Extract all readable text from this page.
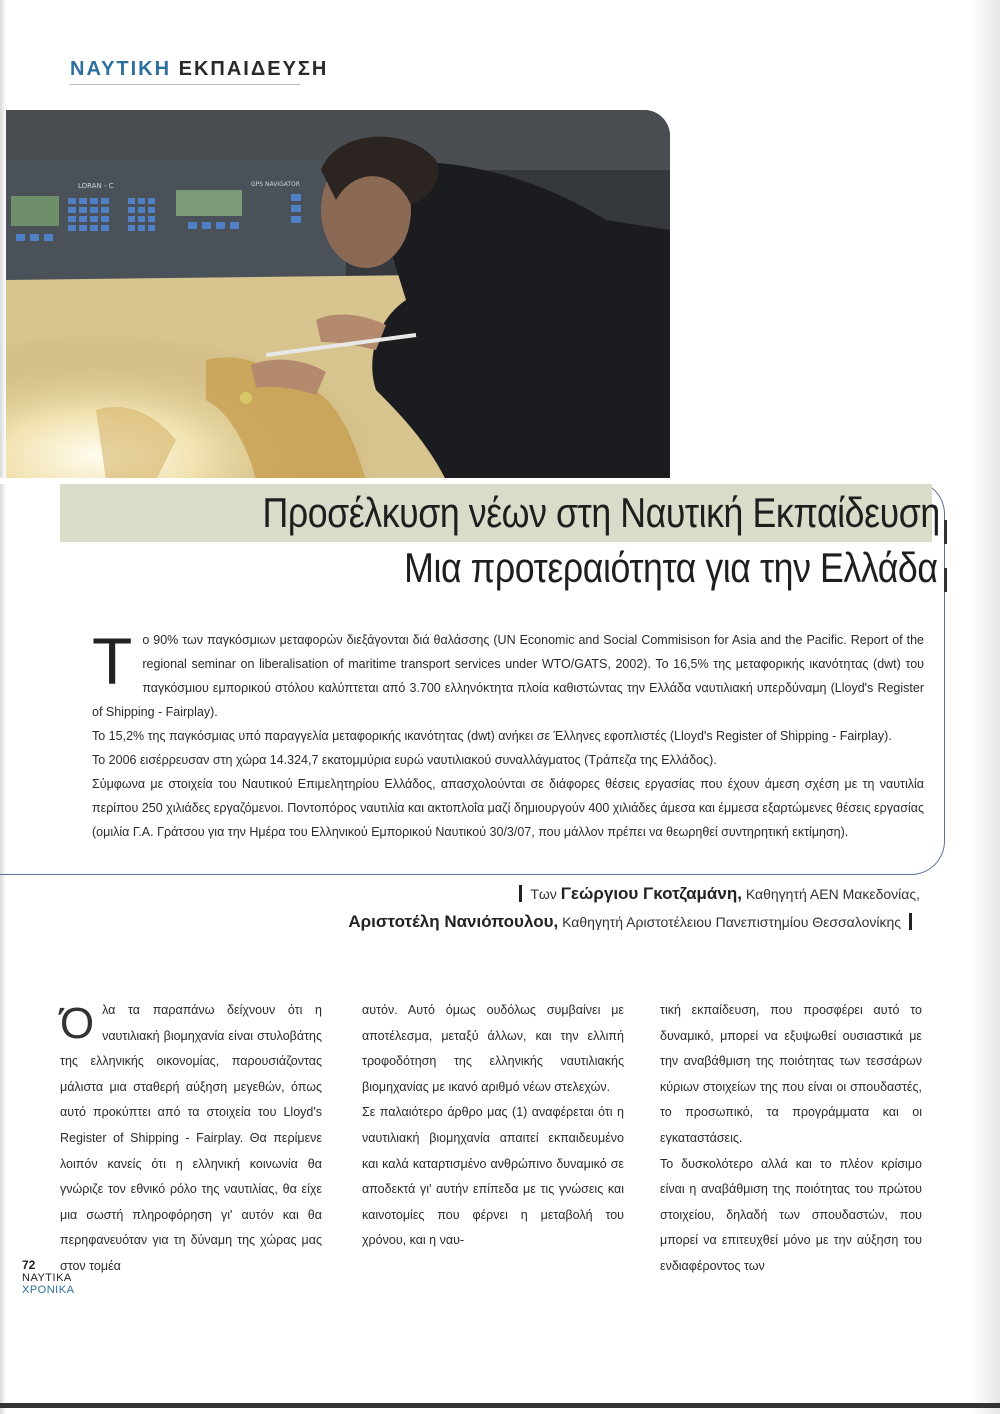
ΝΑΥΤΙΚΗ ΕΚΠΑΙΔΕΥΣΗ
LORAN - C	GPS NAVIGATOR
Προσέλκυση νέων στη Ναυτική Εκπαίδευση
Μια προτεραιότητα για την Ελλάδα

Το 90% των παγκόσμιων μεταφορών διεξάγονται διά θαλάσσης (UN Economic and Social Commisison for Asia and the Pacific. Report of the regional seminar on liberalisation of maritime transport services under WTO/GATS, 2002). Το 16,5% της μεταφορικής ικανότητας (dwt) του παγκόσμιου εμπορικού στόλου καλύπτεται από 3.700 ελληνόκτητα πλοία καθιστώντας την Ελλάδα ναυτιλιακή υπερδύναμη (Lloyd's Register of Shipping - Fairplay).

Το 15,2% της παγκόσμιας υπό παραγγελία μεταφορικής ικανότητας (dwt) ανήκει σε Έλληνες εφοπλιστές (Lloyd's Register of Shipping - Fairplay).

Το 2006 εισέρρευσαν στη χώρα 14.324,7 εκατομμύρια ευρώ ναυτιλιακού συναλλάγματος (Τράπεζα της Ελλάδος).

Σύμφωνα με στοιχεία του Ναυτικού Επιμελητηρίου Ελλάδος, απασχολούνται σε διάφορες θέσεις εργασίας που έχουν άμεση σχέση με τη ναυτιλία περίπου 250 χιλιάδες εργαζόμενοι. Ποντοπόρος ναυτιλία και ακτοπλοΐα μαζί δημιουργούν 400 χιλιάδες άμεσα και έμμεσα εξαρτώμενες θέσεις εργασίας (ομιλία Γ.Α. Γράτσου για την Ημέρα του Ελληνικού Εμπορικού Ναυτικού 30/3/07, που μάλλον πρέπει να θεωρηθεί συντηρητική εκτίμηση).

Των Γεώργιου Γκοτζαμάνη, Καθηγητή ΑΕΝ Μακεδονίας,
Αριστοτέλη Νανιόπουλου, Καθηγητή Αριστοτέλειου Πανεπιστημίου Θεσσαλονίκης

Όλα τα παραπάνω δείχνουν ότι η ναυτιλιακή βιομηχανία είναι στυλοβάτης της ελληνικής οικονομίας, παρουσιάζοντας μάλιστα μια σταθερή αύξηση μεγεθών, όπως αυτό προκύπτει από τα στοιχεία του Lloyd's Register of Shipping - Fairplay. Θα περίμενε λοιπόν κανείς ότι η ελληνική κοινωνία θα γνώριζε τον εθνικό ρόλο της ναυτιλίας, θα είχε μια σωστή πληροφόρηση γι' αυτόν και θα περηφανευόταν για τη δύναμη της χώρας μας στον τομέα

αυτόν. Αυτό όμως ουδόλως συμβαίνει με αποτέλεσμα, μεταξύ άλλων, και την ελλιπή τροφοδότηση της ελληνικής ναυτιλιακής βιομηχανίας με ικανό αριθμό νέων στελεχών.

Σε παλαιότερο άρθρο μας (1) αναφέρεται ότι η ναυτιλιακή βιομηχανία απαιτεί εκπαιδευμένο και καλά καταρτισμένο ανθρώπινο δυναμικό σε αποδεκτά γι' αυτήν επίπεδα με τις γνώσεις και καινοτομίες που φέρνει η μεταβολή του χρόνου, και η ναυ-

τική εκπαίδευση, που προσφέρει αυτό το δυναμικό, μπορεί να εξυψωθεί ουσιαστικά με την αναβάθμιση της ποιότητας των τεσσάρων κύριων στοιχείων της που είναι οι σπουδαστές, το προσωπικό, τα προγράμματα και οι εγκαταστάσεις.

Το δυσκολότερο αλλά και το πλέον κρίσιμο είναι η αναβάθμιση της ποιότητας του πρώτου στοιχείου, δηλαδή των σπουδαστών, που μπορεί να επιτευχθεί μόνο με την αύξηση του ενδιαφέροντος των

72
ΝΑΥΤΙΚΑ
ΧΡΟΝΙΚΑ
